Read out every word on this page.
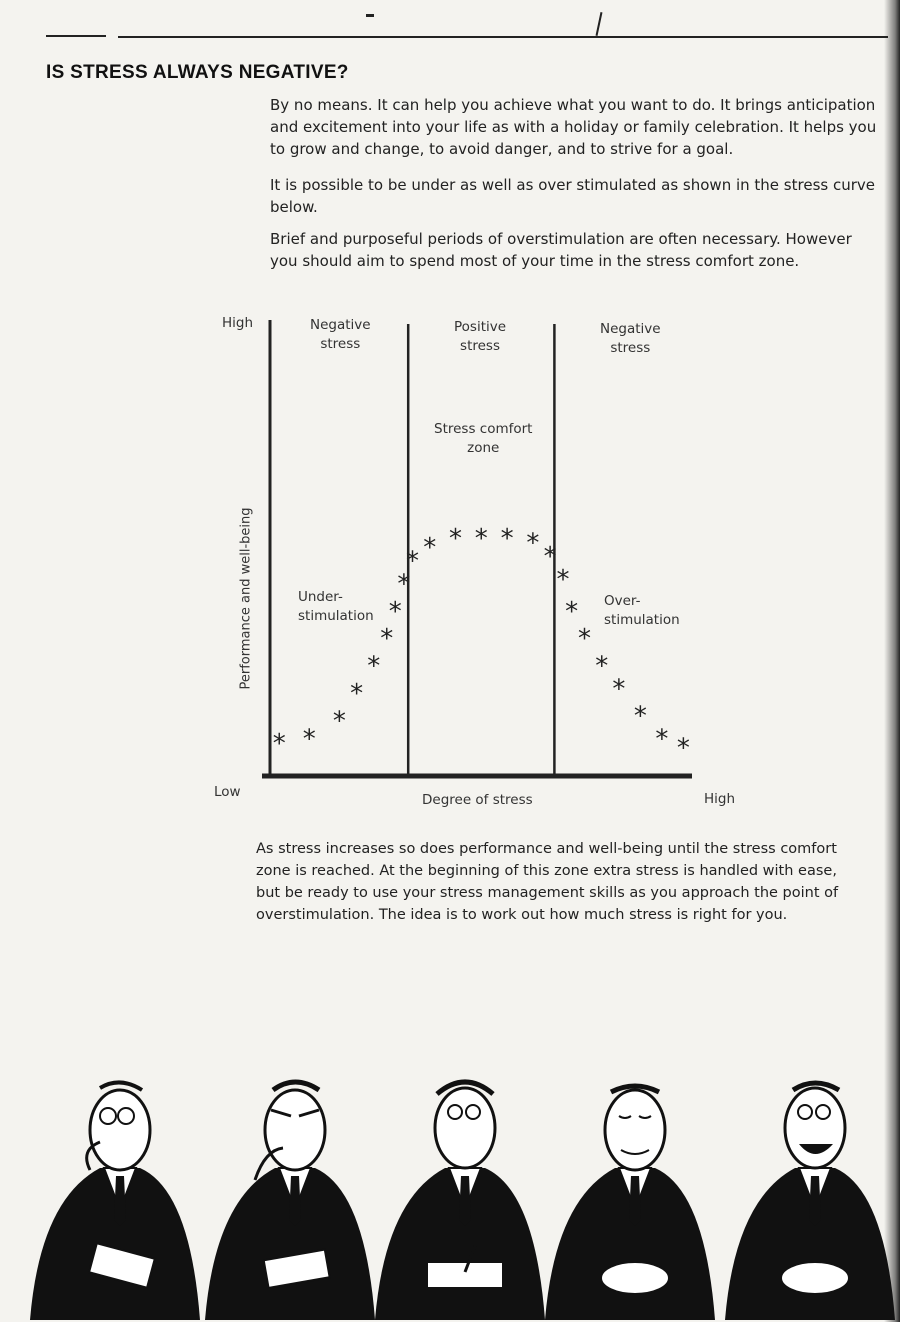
IS STRESS ALWAYS NEGATIVE?

By no means. It can help you achieve what you want to do. It brings anticipation
and excitement into your life as with a holiday or family celebration. It helps you
to grow and change, to avoid danger, and to strive for a goal.

It is possible to be under as well as over stimulated as shown in the stress curve
below.

Brief and purposeful periods of overstimulation are often necessary. However
you should aim to spend most of your time in the stress comfort zone.

* *
*
*
*
*
*
*
* * * * * * *
*
*
*
*
*
*
* *
High
Low	High
Degree of stress
Performance and well-being
Negative
stress
Positive
stress
Negative
stress
Stress comfort
zone
Under-
stimulation
Over-
stimulation

As stress increases so does performance and well-being until the stress comfort
zone is reached. At the beginning of this zone extra stress is handled with ease,
but be ready to use your stress management skills as you approach the point of
overstimulation. The idea is to work out how much stress is right for you.
